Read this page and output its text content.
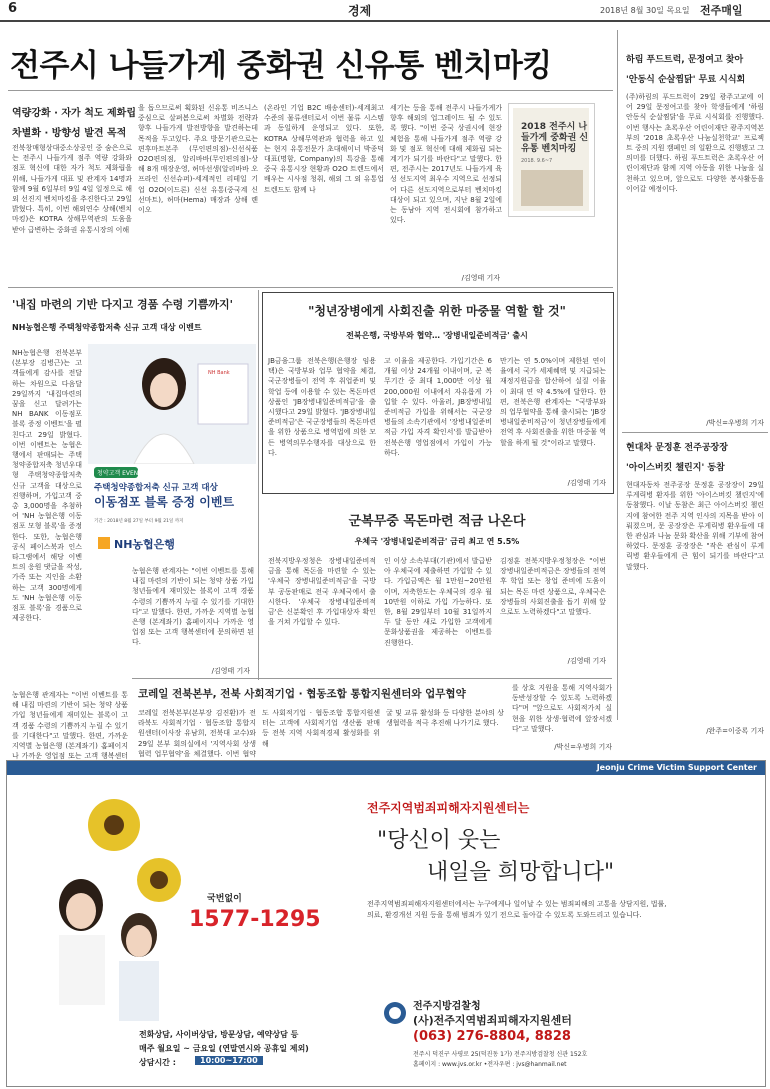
6	경제	2018년 8월 30일 목요일 전주매일
전주시 나들가게 중화권 신유통 벤치마킹
역량강화 · 자가 척도 제화립
차별화 · 방향성 발견 목적
전북창매형상대중소상공인 중 숨은으로는 전주시 나들가게 점주 역량 강화와 점포 혁신에 대한 자가 척도 제화립을 위해, 나들가게 대표 및 관계자 14명과 함께 9월 6일부터 9일 4일 일정으로 해외 선진지 벤치마킹을 추진한다고 29일 밝혔다. 특히, 이번 해외연수 상해(벤치마킹)은 KOTRA 상해무역관의 도움을 받아 급변하는 중화권 유통시장의 이해
을 돕으므로써 획화된 신유통 비즈니스 중심으로 살펴봄으로써 차별화 전략과 향후 나들가게 발전방향을 발견하는데 목적을 두고있다. 주요 방문기관으로는 편후마트본주 (무인편의점)-신선식품 O2O편의점, 알리바바(무인편의점)-상해 8개 매장운영, 허마선생(알리바바 오프라인 신선슈퍼)-세계적인 리테일 기업 O2O(이드론) 신선 유통(중국계 신선마트), 허마(Hema) 매장과 상해 롄이오
(온라인 기업 B2C 배송센터)-세계최고 수준의 물류센터로서 이번 물류 시스템과 동일하게 운영되고 있다. 또한, KOTRA 상해무역관과 협력을 하고 있는 현지 유통전문가 초대해이너 박종덕 대표(명함, Company)의 특강을 통해 중국 유통시장 현황과 O2O 트렌드에서 배우는 시사점 청취, 해외 그 외 유통업 트렌드도 함께 나
세기는 등을 통해 전주시 나들가게가 향후 해외의 업그레이드 될 수 있도록 했다. "이번 중국 상권시에 현장 체험을 통해 나들가게 점주 역량 강화 및 점포 혁신에 대해 제화립 되는 계기가 되기를 바란다"고 말했다. 한편, 전주시는 2017년도 나들가게 육성 선도지역 최우수 지역으로 선정되어 다른 선도지역으로부터 벤치마킹 대상이 되고 있으며, 지난 8월 2일에는 동남아 지역 전시회에 참가하고 있다.
/김영태 기자
2018 전주시 나들가게 중화권 신유통 벤치마킹
2018. 9.6~7
'내집 마련의 기반 다지고 경품 수령 기쁨까지'
NH농협은행 주택청약종합저축 신규 고객 대상 이벤트
NH농협은행 전북본부(본부장 김병근)는 고객들에게 감사를 전달하는 차원으로 다음달 29일까지 '내집마련의 꿈을 신고 달려가는 NH BANK 이동점포 블록 증정 이벤트'을 펼친다고 29일 밝혔다. 이번 이벤트는 농협은행에서 판매되는 주택청약종합저축 청년우대형 주택청약종합저축 신규 고객을 대상으로 진행하며, 가입고객 중 총 3,000명을 추첨하여 'NH 농협은행 이동점포 모형 블록'을 증정한다. 또한, 농협은행 공식 페이스북과 인스타그램에서 해당 이벤트의 응원 댓글을 작성, 가족 또는 지인을 소환하는 고객 300명에게도 'NH 농협은행 이동점포 블록'을 경품으로 제공한다.
NH Bank
청약고객 EVENT
주택청약종합저축 신규 고객 대상
이동점포 블록 증정 이벤트
기간 : 2018년 8월 27일 부터 9월 21일 까지
NH농협은행
농협은행 관계자는 "이번 이벤트를 통해 내집 마련의 기반이 되는 청약 상품 가입 청년들에게 재미있는 블록이 고객 경품 수령의 기쁨까지 누릴 수 있기를 기대한다"고 말했다. 한편, 가까운 지역별 농협은행 (본계좌기) 홈페이지나 가까운 영업점 또는 고객 행복센터
농협은행 관계자는 "이번 이벤트를 통해 내집 마련의 기반이 되는 청약 상품 가입 청년들에게 재미있는 블록이 고객 경품 수령의 기쁨까지 누릴 수 있기를 기대한다"고 말했다. 한편, 가까운 지역별 농협은행 (본계좌기) 홈페이지나 가까운 영업점 또는 고객 행복센터에 문의하면 된다.
/김영태 기자
"청년장병에게 사회진출 위한 마중물 역할 할 것"
전북은행, 국방부와 협약… '장병내일준비적금' 출시
JB금융그룹 전북은행(은행장 임용택)은 국방부와 업무 협약을 체결, 국군장병들이 전역 후 취업준비 및 학업 등에 이용할 수 있는 목돈마련 상품인 'JB장병내일준비적금'을 출시했다고 29일 밝혔다. 'JB장병내일준비적금'은 국군장병들의 목돈마련을 위한 상품으로 병역법에 의한 모든 병역의무수행자를 대상으로 한다.
고 이율을 제공한다. 가입기간은 6개월 이상 24개월 이내이며, 군 복무기간 중 최대 1,000만 이상 월 200,000원 이내에서 자유롭게 가입할 수 있다. 아울러, JB장병내일준비적금 가입을 위해서는 국군장병들의 소속기관에서 '장병내일준비적금 가입 자격 확인서'를 발급받아 전북은행 영업점에서 가입이 가능하다.
만기는 연 5.0%이며 제한된 연이율에서 국가 세제혜택 및 지급되는 재정지원금을 합산하여 실질 이율이 최대 연 약 4.5%에 달한다. 한편, 전북은행 관계자는 "국방부와의 업무협약을 통해 출시되는 'JB장병내일준비적금'이 청년장병들에게 전역 후 사회진출을 위한 마중물 역할을 하게 될 것"이라고 말했다.
/김영태 기자
군복무중 목돈마련 적금 나온다
우체국 '장병내일준비적금' 금리 최고 연 5.5%
전북지방우정청은 장병내일준비적금을 통해 목돈을 마련할 수 있는 '우체국 장병내일준비적금'을 국방부 공동판매로 전국 우체국에서 출시한다. '우체국 장병내일준비적금'은 신분확인 후 가입대상자 확인을 거쳐 가입할 수 있다.
인 이상 소속부대(기관)에서 발급받아 우체국에 제출하면 가입할 수 있다. 가입금액은 월 1만원~20만원이며, 저축한도는 우체국의 경우 월 10만원 이하로 가입 가능하다. 또한, 8월 29일부터 10월 31일까지 두 달 동안 새로 가입한 고객에게 문화상품권을 제공하는 이벤트를 진행한다.
김정훈 전북지방우정청장은 "이번 장병내일준비적금은 장병들의 전역 후 학업 또는 창업 준비에 도움이 되는 목돈 마련 상품으로, 우체국은 장병들의 사회진출을 돕기 위해 앞으로도 노력하겠다"고 말했다.
/김영태 기자
코레일 전북본부, 전북 사회적기업 · 협동조합 통합지원센터와 업무협약
코레일 전북본부(본부장 김진환)가 전라북도 사회적기업 · 협동조합 통합지원센터(이사장 유남희, 전북대 교수)와 29일 본부 회의실에서 '지역사회 상생협력 업무협약'을 체결했다. 이번 협약
도 사회적기업 · 협동조합 통합지원센터는 고객에 사회적기업 생산품 판매 등 전북 지역 사회적경제 활성화를 위해
굴 및 교류 활성화 등 다양한 분야의 상생협력을 적극 추진해 나가기로 했다.
를 상호 지원을 통해 지역사회가 동반성장할 수 있도록 노력하겠다"며 "앞으로도 사회적가치 실현을 위한 상생·협력에 앞장서겠다"고 말했다.
/박신=우병희 기자
하림 푸드트럭, 문정여고 찾아
'안동식 순살찜닭' 무료 시식회
(주)하림의 푸드트럭이 29일 광주고교에 이어 29일 문정여고를 찾아 학생들에게 '하림 안동식 순살찜닭'을 무료 시식회를 진행했다. 이번 행사는 초록우산 어린이재단 광주지역본부의 '2018 초록우산 나눔실천학교' 프로젝트 중의 지원 캠페인 의 일환으로 진행됐고 그 의미를 더했다. 하림 푸드트럭은 초록우산 어린이재단과 함께 지역 아동을 위한 나눔을 실천하고 있으며, 앞으로도 다양한 봉사활동을 이어갈 예정이다.
/박신=우병희 기자
현대차 문정훈 전주공장장
'아이스버킷 챌린지' 동참
현대자동차 전주공장 문정훈 공장장이 29일 루게릭병 환자를 위한 '아이스버킷 챌린지'에 동참했다. 이날 동참은 최근 아이스버킷 챌린지에 참여한 전주 지역 인사의 지목을 받아 이뤄졌으며, 문 공장장은 루게릭병 환우들에 대한 관심과 나눔 문화 확산을 위해 기부에 참여하였다. 문정훈 공장장은 "작은 관심이 루게릭병 환우들에게 큰 힘이 되기를 바란다"고 말했다.
/완주=이중록 기자
Jeonju Crime Victim Support Center
국번없이
1577-1295
전주지역범죄피해자지원센터는
"당신이 웃는
내일을 희망합니다"
전주지역범죄피해자지원센터에서는 누구에게나 일어날 수 있는 범죄피해의 고통을 상담지원, 법률, 의료, 환경개선 지원 등을 통해 범죄가 있기 전으로 돌아갈 수 있도록 도와드리고 있습니다.
전화상담, 사이버상담, 방문상담, 예약상담 등
매주 월요일 ~ 금요일 (연말연시와 공휴일 제외)
상담시간 :	10:00~17:00
전주지방검찰청
(사)전주지역범죄피해자지원센터
(063) 276-8804, 8828
전주시 덕진구 사평로 25(덕진동 1가) 전주지방검찰청 신관 152호
홈페이지 : www.jvs.or.kr •전자우편 : jvs@hanmail.net
